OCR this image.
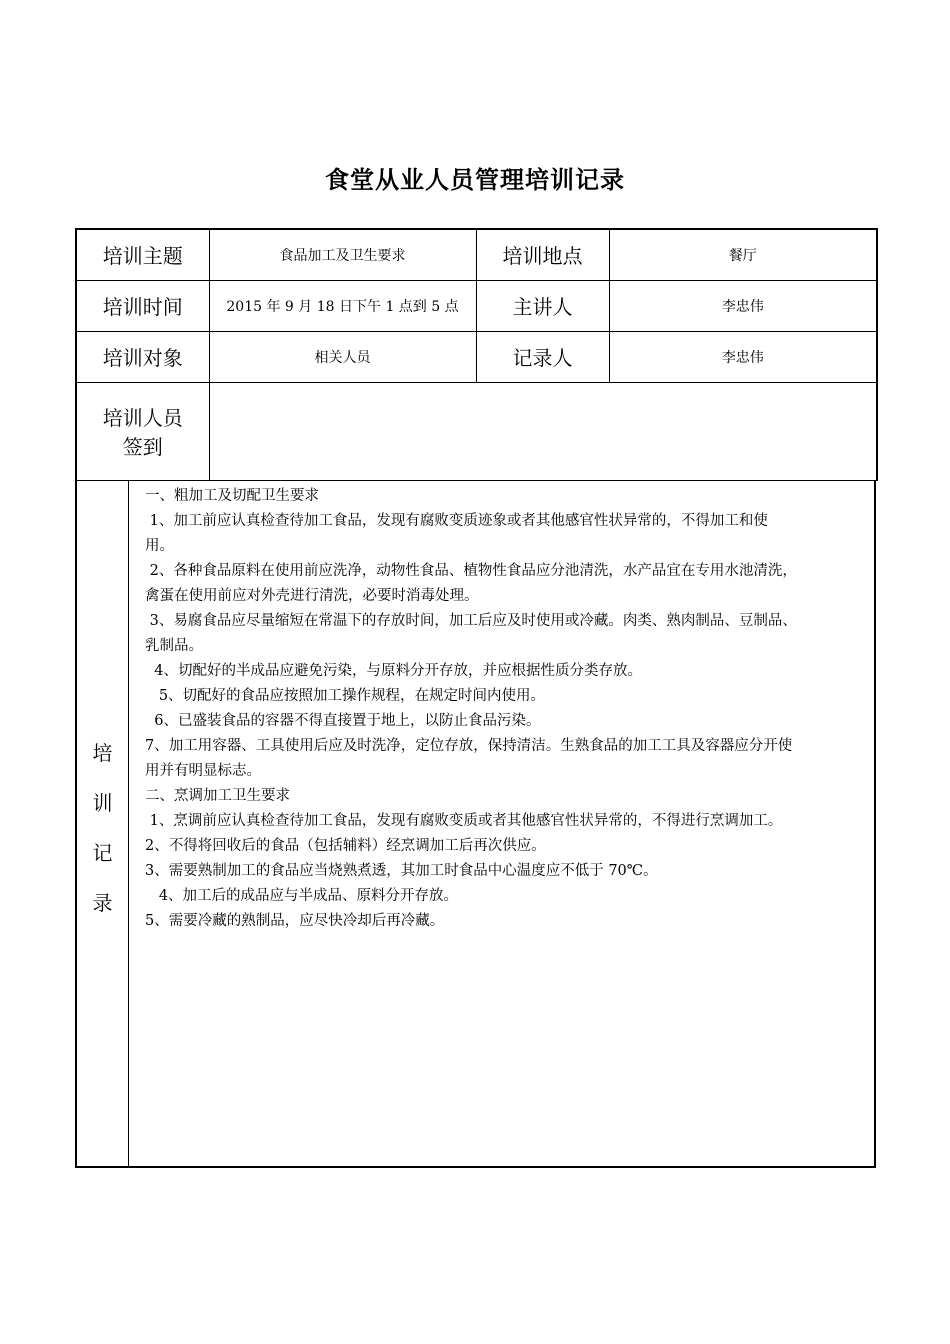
食堂从业人员管理培训记录
培训主题	食品加工及卫生要求	培训地点	餐厅
培训时间	2015 年 9 月 18 日下午 1 点到 5 点	主讲人	李忠伟
培训对象	相关人员	记录人	李忠伟

培训人员
签到			

培
训
记
录
一、粗加工及切配卫生要求
1、加工前应认真检查待加工食品，发现有腐败变质迹象或者其他感官性状异常的，不得加工和使
用。
2、各种食品原料在使用前应洗净，动物性食品、植物性食品应分池清洗，水产品宜在专用水池清洗，
禽蛋在使用前应对外壳进行清洗，必要时消毒处理。
3、易腐食品应尽量缩短在常温下的存放时间，加工后应及时使用或冷藏。肉类、熟肉制品、豆制品、
乳制品。
4、切配好的半成品应避免污染，与原料分开存放，并应根据性质分类存放。
5、切配好的食品应按照加工操作规程，在规定时间内使用。
6、已盛装食品的容器不得直接置于地上，以防止食品污染。
7、加工用容器、工具使用后应及时洗净，定位存放，保持清洁。生熟食品的加工工具及容器应分开使
用并有明显标志。
二、烹调加工卫生要求
1、烹调前应认真检查待加工食品，发现有腐败变质或者其他感官性状异常的，不得进行烹调加工。
2、不得将回收后的食品（包括辅料）经烹调加工后再次供应。
3、需要熟制加工的食品应当烧熟煮透，其加工时食品中心温度应不低于 70℃。
4、加工后的成品应与半成品、原料分开存放。
5、需要冷藏的熟制品，应尽快冷却后再冷藏。
